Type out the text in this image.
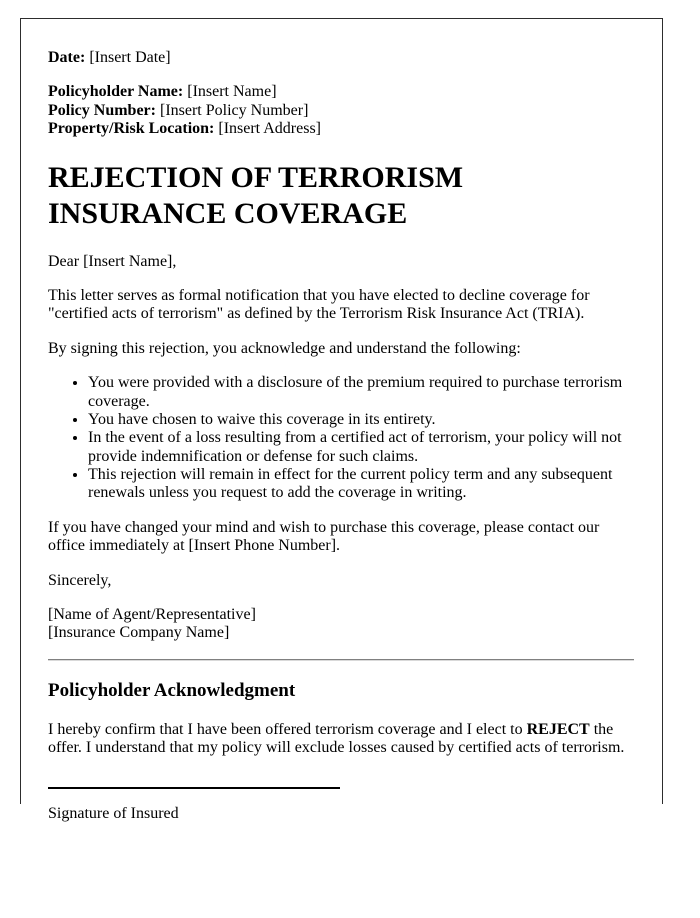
Date: [Insert Date]

Policyholder Name: [Insert Name]
Policy Number: [Insert Policy Number]
Property/Risk Location: [Insert Address]

REJECTION OF TERRORISM INSURANCE COVERAGE

Dear [Insert Name],

This letter serves as formal notification that you have elected to decline coverage for "certified acts of terrorism" as defined by the Terrorism Risk Insurance Act (TRIA).

By signing this rejection, you acknowledge and understand the following:

• You were provided with a disclosure of the premium required to purchase terrorism coverage.
• You have chosen to waive this coverage in its entirety.
• In the event of a loss resulting from a certified act of terrorism, your policy will not provide indemnification or defense for such claims.
• This rejection will remain in effect for the current policy term and any subsequent renewals unless you request to add the coverage in writing.

If you have changed your mind and wish to purchase this coverage, please contact our office immediately at [Insert Phone Number].

Sincerely,

[Name of Agent/Representative]
[Insurance Company Name]

Policyholder Acknowledgment

I hereby confirm that I have been offered terrorism coverage and I elect to REJECT the offer. I understand that my policy will exclude losses caused by certified acts of terrorism.

Signature of Insured
